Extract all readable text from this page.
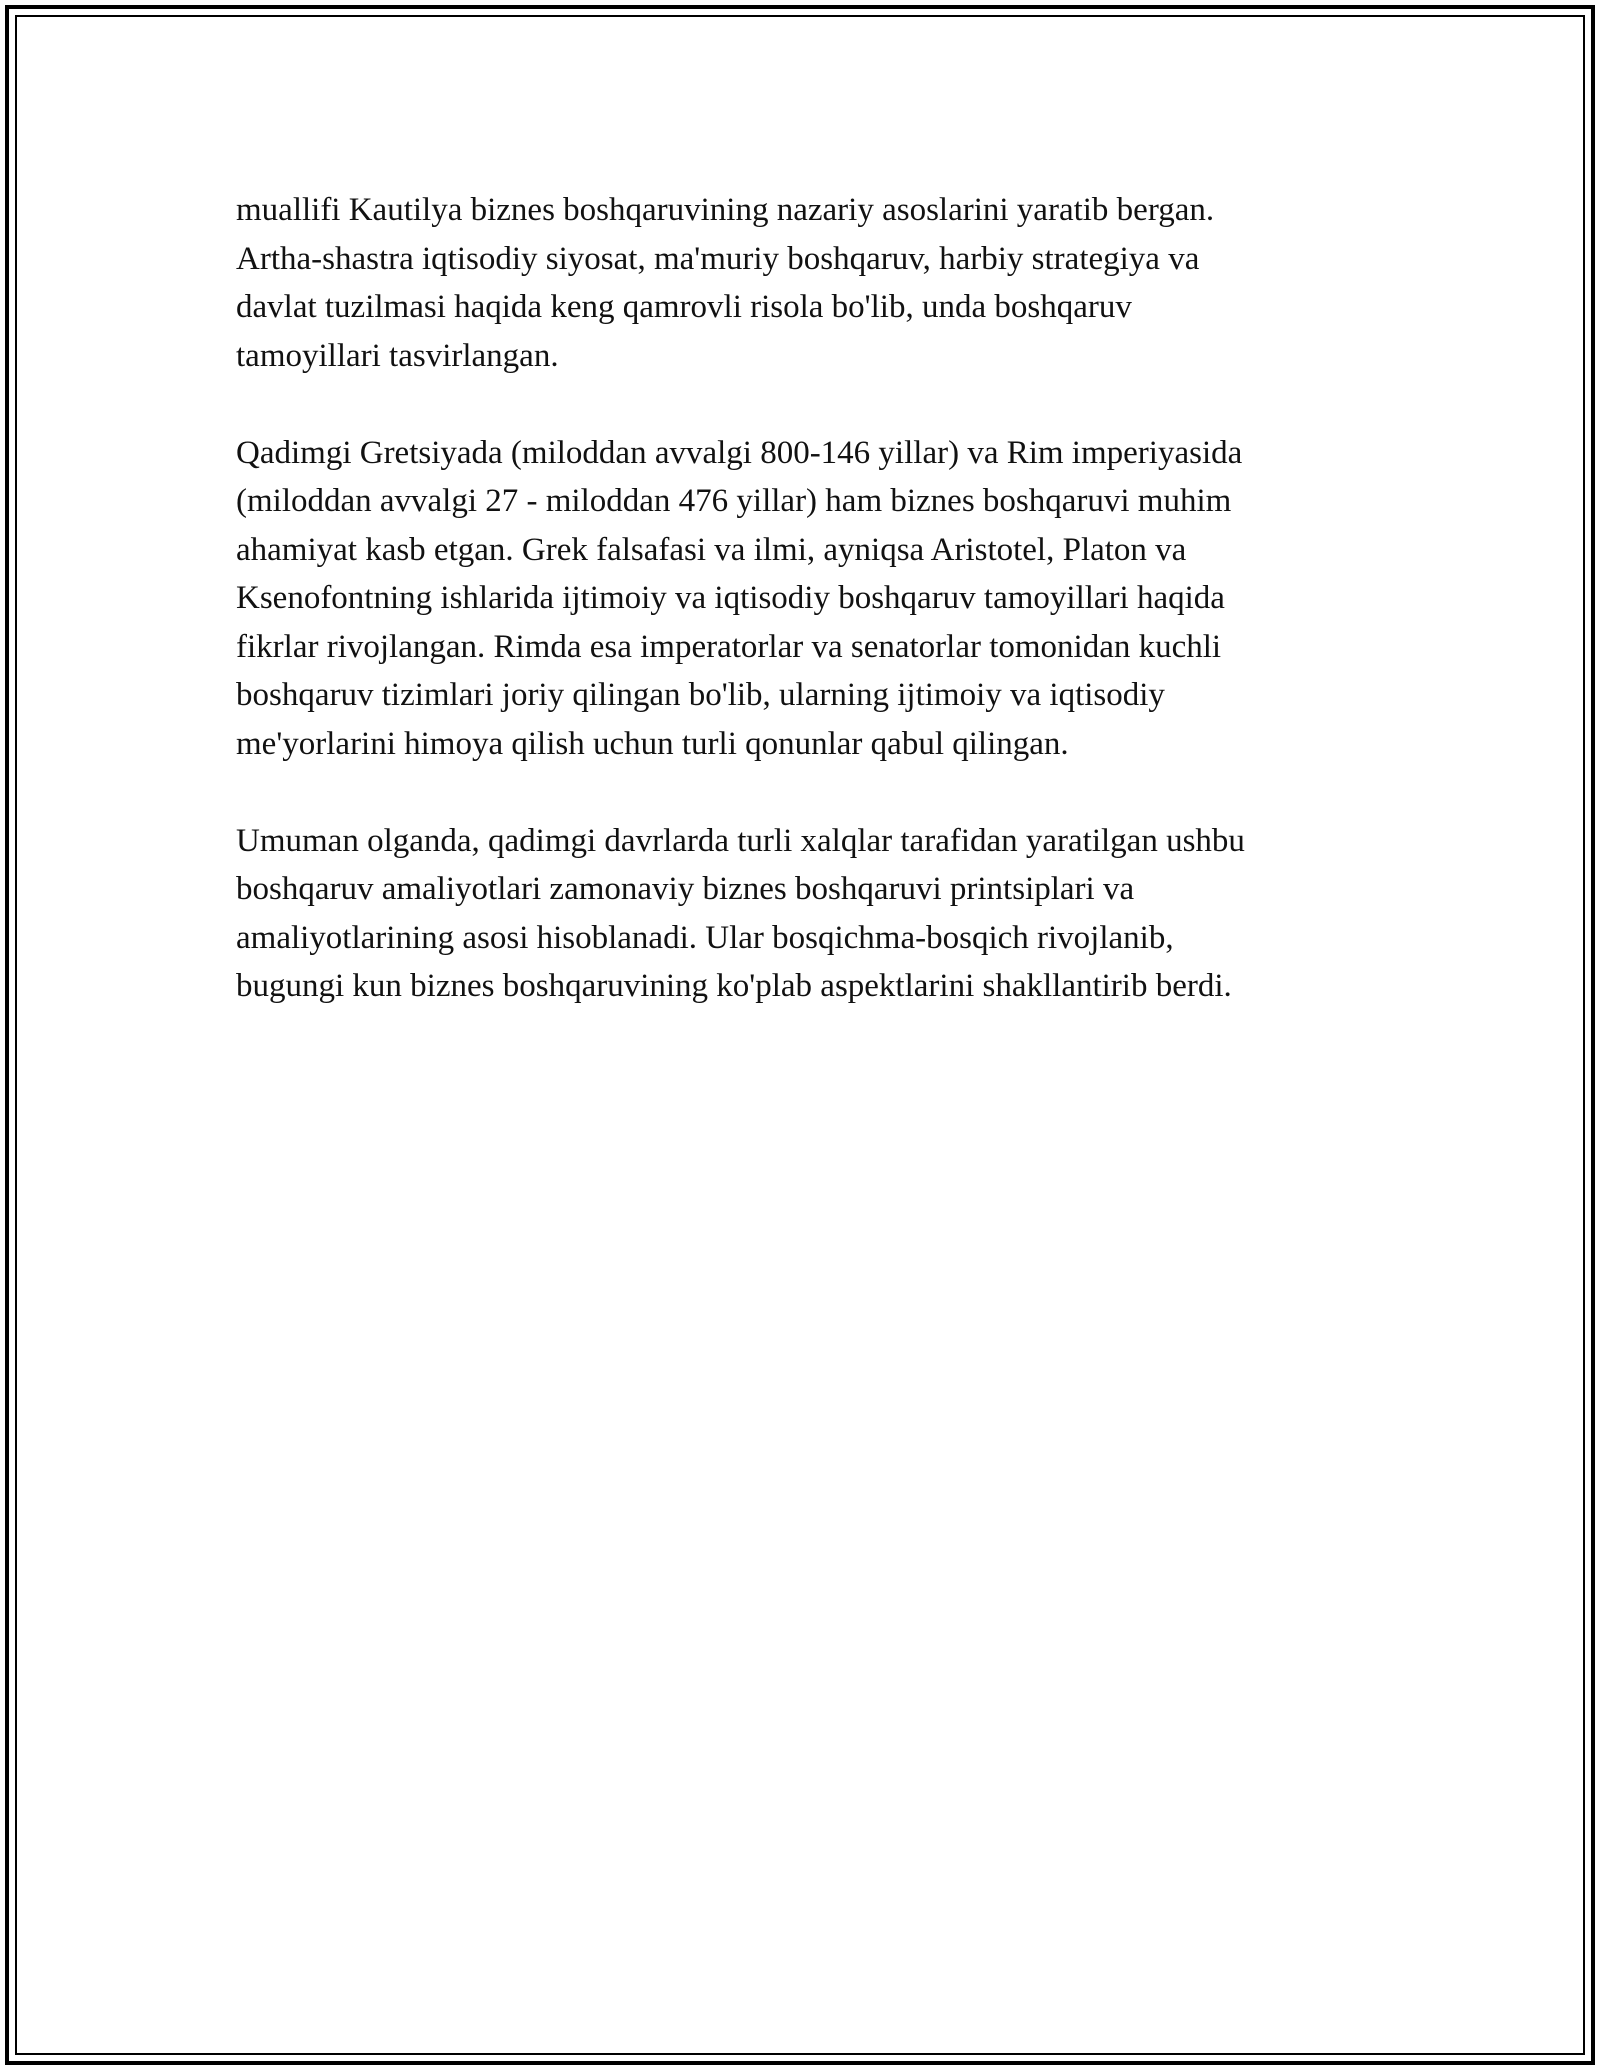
muallifi Kautilya biznes boshqaruvining nazariy asoslarini yaratib bergan.
Artha-shastra iqtisodiy siyosat, ma'muriy boshqaruv, harbiy strategiya va
davlat tuzilmasi haqida keng qamrovli risola bo'lib, unda boshqaruv
tamoyillari tasvirlangan.

Qadimgi Gretsiyada (miloddan avvalgi 800-146 yillar) va Rim imperiyasida
(miloddan avvalgi 27 - miloddan 476 yillar) ham biznes boshqaruvi muhim
ahamiyat kasb etgan. Grek falsafasi va ilmi, ayniqsa Aristotel, Platon va
Ksenofontning ishlarida ijtimoiy va iqtisodiy boshqaruv tamoyillari haqida
fikrlar rivojlangan. Rimda esa imperatorlar va senatorlar tomonidan kuchli
boshqaruv tizimlari joriy qilingan bo'lib, ularning ijtimoiy va iqtisodiy
me'yorlarini himoya qilish uchun turli qonunlar qabul qilingan.

Umuman olganda, qadimgi davrlarda turli xalqlar tarafidan yaratilgan ushbu
boshqaruv amaliyotlari zamonaviy biznes boshqaruvi printsiplari va
amaliyotlarining asosi hisoblanadi. Ular bosqichma-bosqich rivojlanib,
bugungi kun biznes boshqaruvining ko'plab aspektlarini shakllantirib berdi.
